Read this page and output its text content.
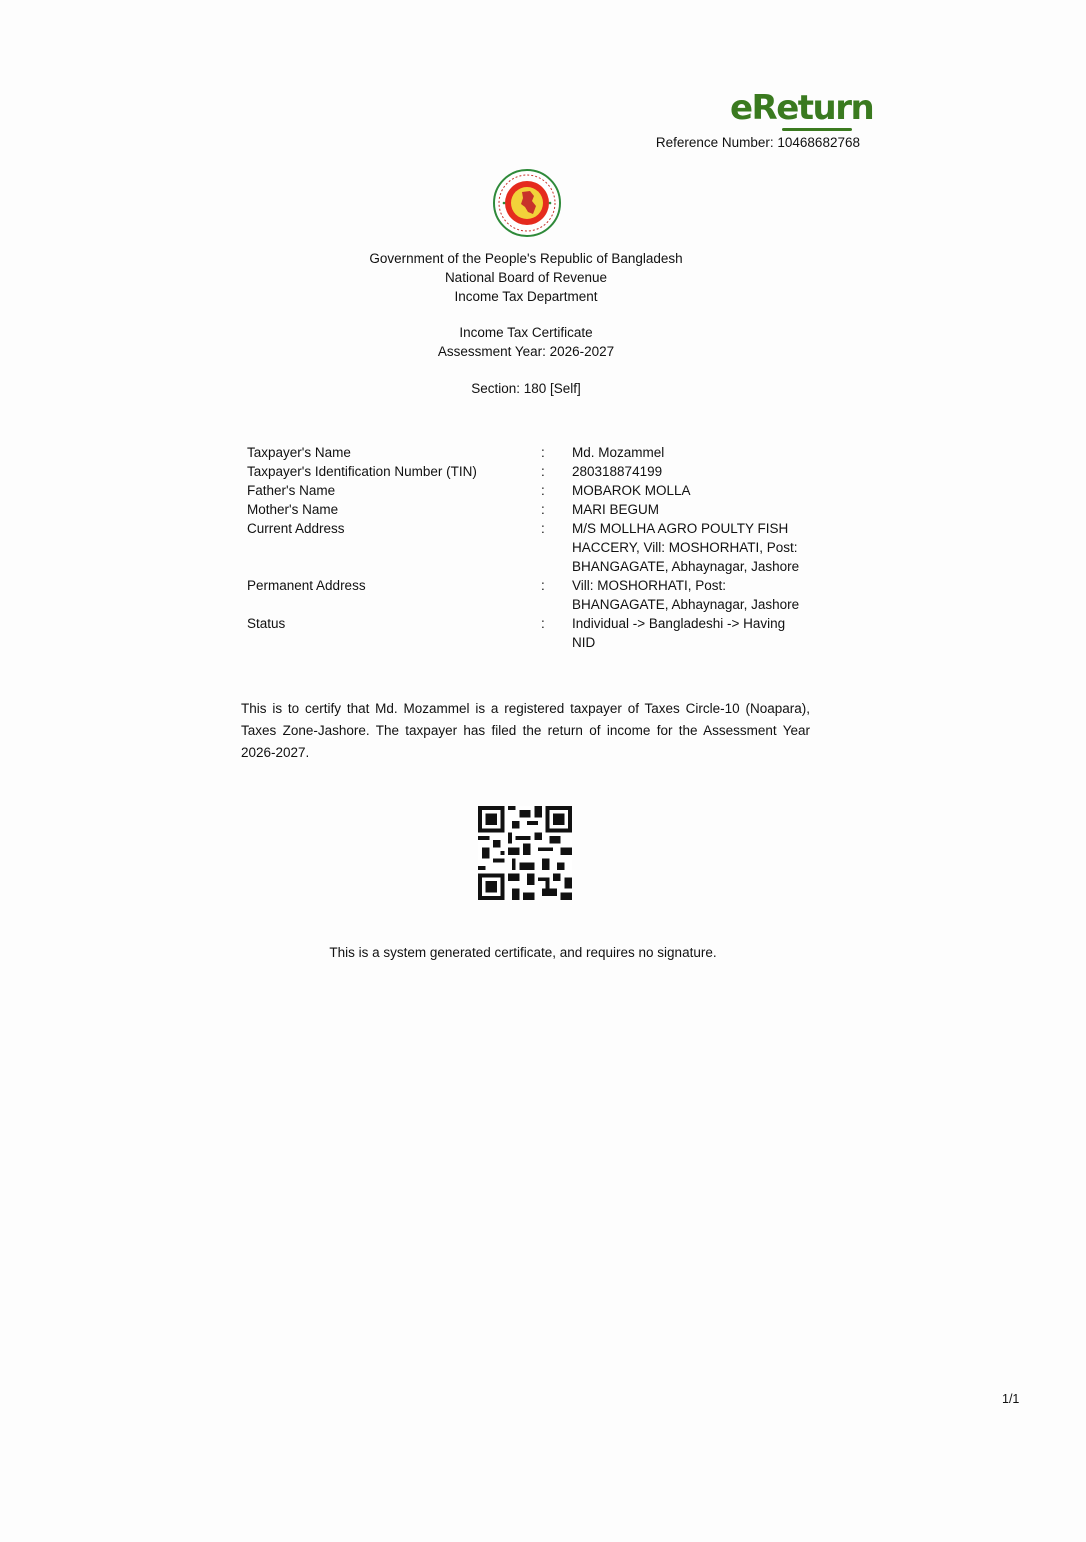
eReturn
Reference Number: 10468682768
Government of the People's Republic of Bangladesh
National Board of Revenue
Income Tax Department
Income Tax Certificate
Assessment Year: 2026-2027
Section: 180 [Self]
Taxpayer's Name	:	Md. Mozammel
Taxpayer's Identification Number (TIN)	:	280318874199
Father's Name	:	MOBAROK MOLLA
Mother's Name	:	MARI BEGUM
Current Address	:	M/S MOLLHA AGRO POULTY FISH HACCERY, Vill: MOSHORHATI, Post: BHANGAGATE, Abhaynagar, Jashore
Permanent Address	:	Vill: MOSHORHATI, Post: BHANGAGATE, Abhaynagar, Jashore
Status	:	Individual -> Bangladeshi -> Having NID
This is to certify that Md. Mozammel is a registered taxpayer of Taxes Circle-10 (Noapara), Taxes Zone-Jashore. The taxpayer has filed the return of income for the Assessment Year 2026-2027.
This is a system generated certificate, and requires no signature.
1/1
